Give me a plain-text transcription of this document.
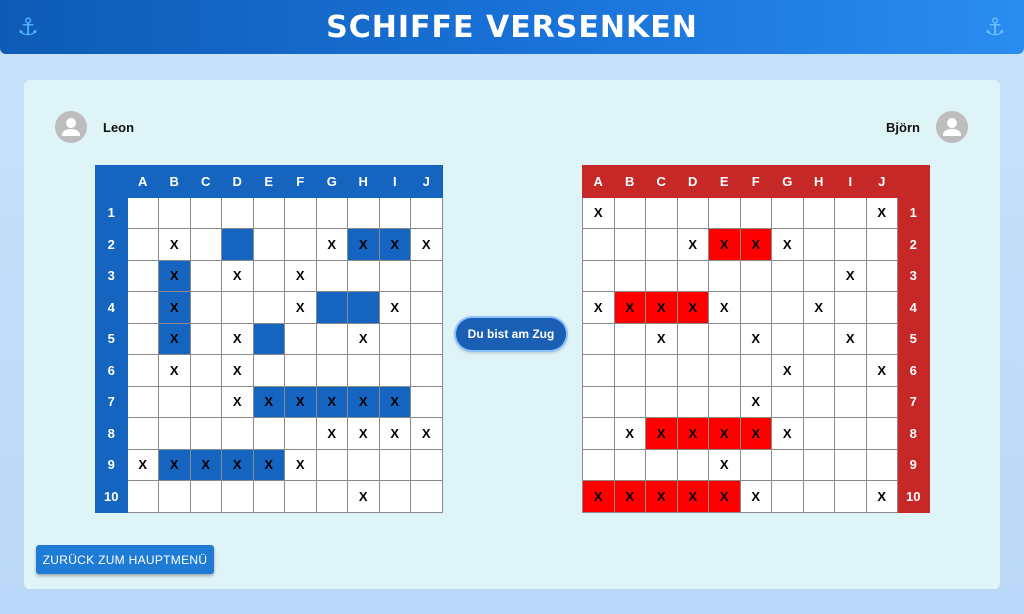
⚓	SCHIFFE VERSENKEN	⚓
Leon	Björn
	A	B	C	D	E	F	G	H	I	J
1										
2		X					X	X	X	X
3		X		X		X				
4		X				X			X	
5		X		X				X		
6		X		X						
7				X	X	X	X	X	X	
8							X	X	X	X
9	X	X	X	X	X	X				
10								X		
A	B	C	D	E	F	G	H	I	J	
X									X	1
			X	X	X	X				2
								X		3
X	X	X	X	X			X			4
		X			X			X		5
						X			X	6
					X					7
	X	X	X	X	X	X				8
				X						9
X	X	X	X	X	X				X	10
Du bist am Zug
ZURÜCK ZUM HAUPTMENÜ
